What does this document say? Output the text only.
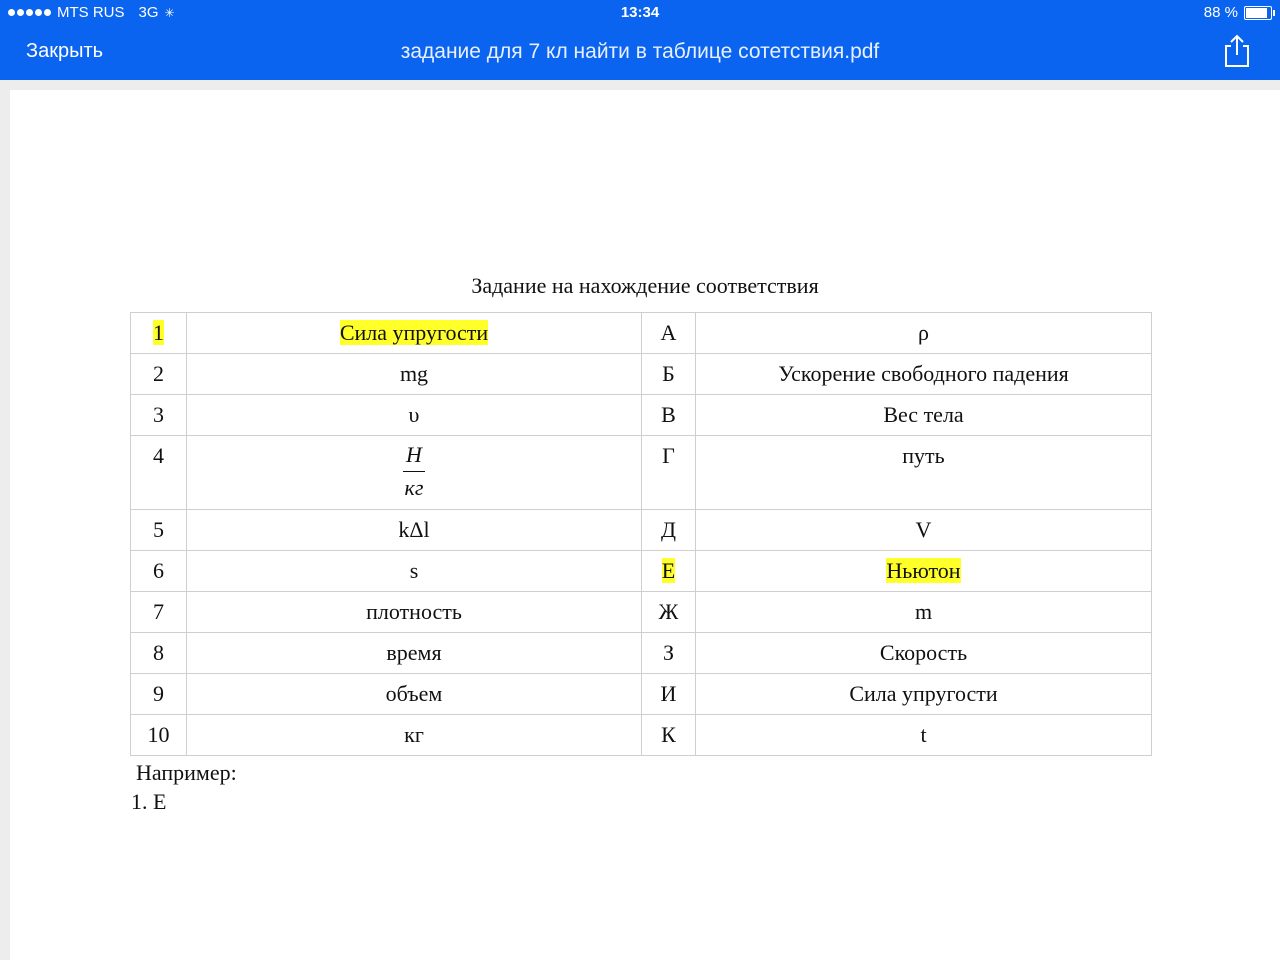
MTS RUS 3G ✳	13:34	88 %
Закрыть	задание для 7 кл найти в таблице сотетствия.pdf
Задание на нахождение соответствия
1	Сила упругости	А	ρ
2	mg	Б	Ускорение свободного падения
3	υ	В	Вес тела
4	$\frac{Н}{кг}$	Г	путь
5	kΔl	Д	V
6	s	Е	Ньютон
7	плотность	Ж	m
8	время	З	Скорость
9	объем	И	Сила упругости
10	кг	К	t
Например:
1. Е
